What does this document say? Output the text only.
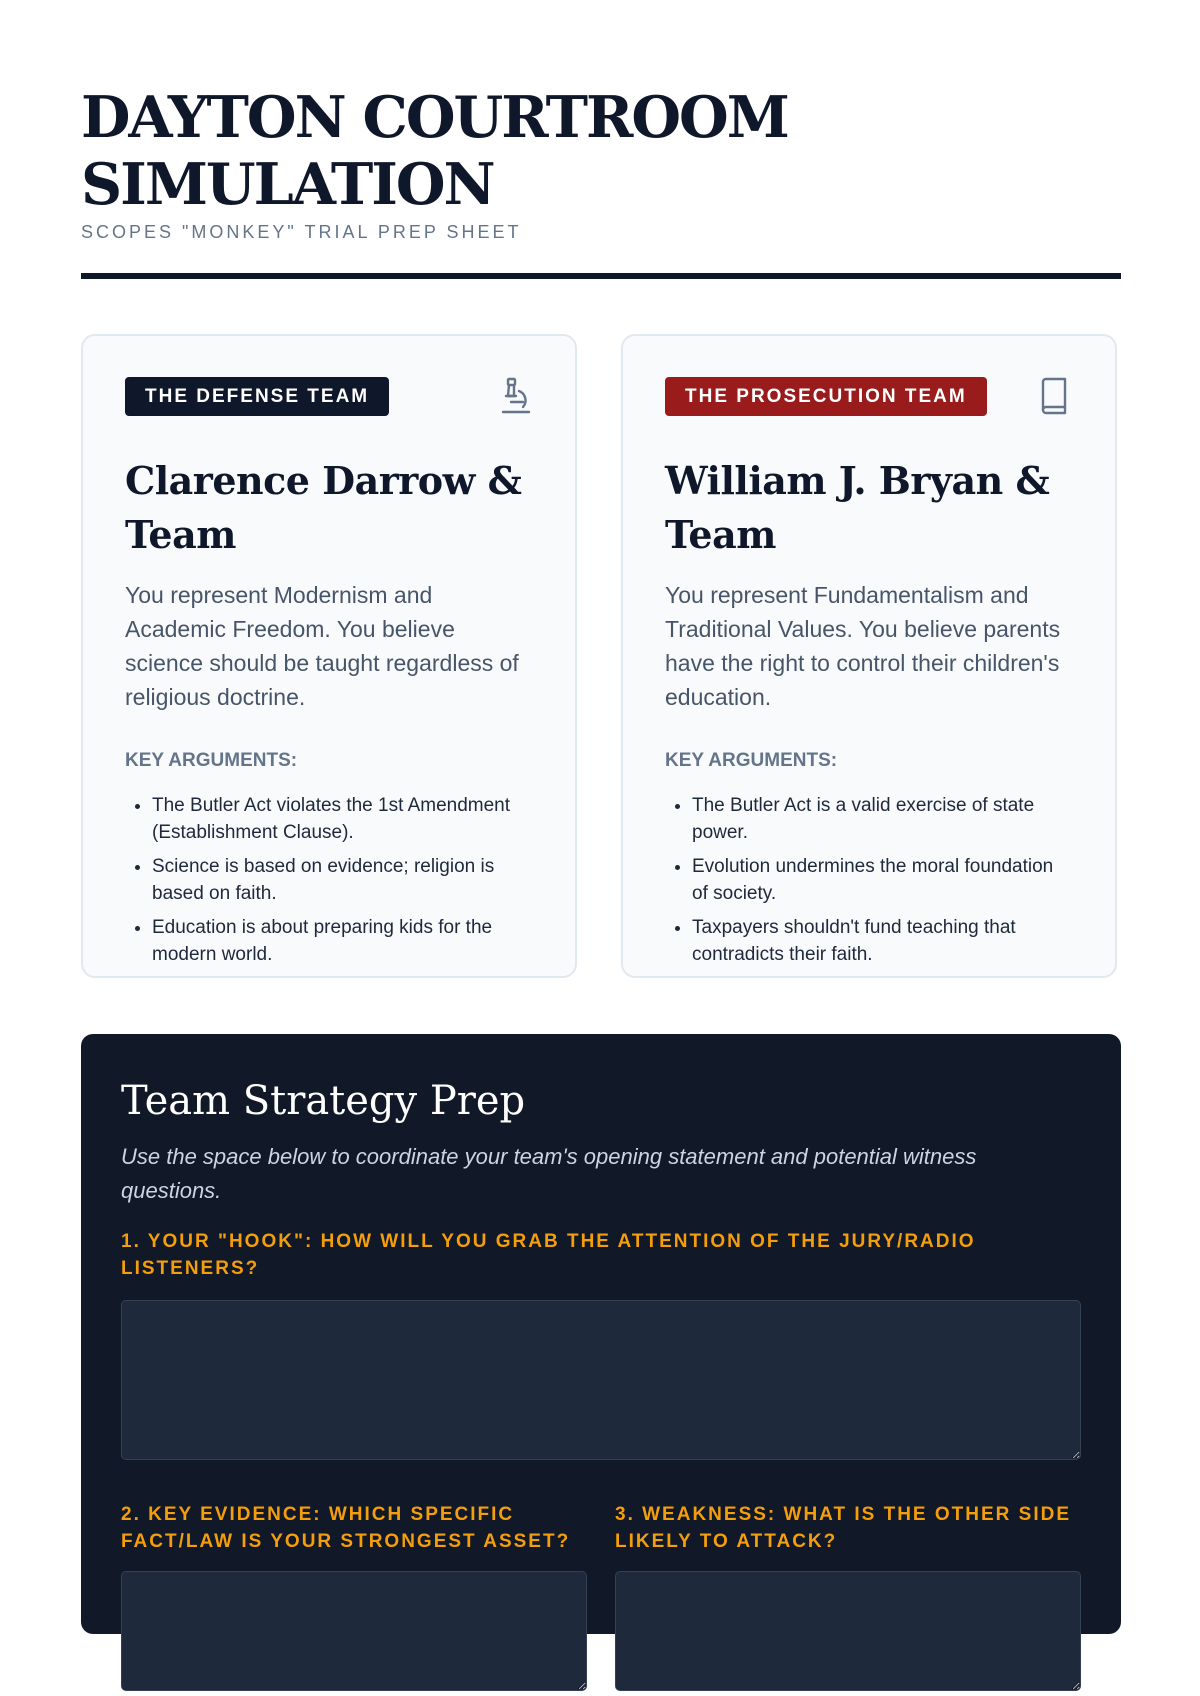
DAYTON COURTROOM SIMULATION
SCOPES "MONKEY" TRIAL PREP SHEET
THE DEFENSE TEAM
Clarence Darrow & Team
You represent Modernism and Academic Freedom. You believe science should be taught regardless of religious doctrine.
KEY ARGUMENTS:
• The Butler Act violates the 1st Amendment (Establishment Clause).
• Science is based on evidence; religion is based on faith.
• Education is about preparing kids for the modern world.
THE PROSECUTION TEAM
William J. Bryan & Team
You represent Fundamentalism and Traditional Values. You believe parents have the right to control their children's education.
KEY ARGUMENTS:
• The Butler Act is a valid exercise of state power.
• Evolution undermines the moral foundation of society.
• Taxpayers shouldn't fund teaching that contradicts their faith.
Team Strategy Prep
Use the space below to coordinate your team's opening statement and potential witness questions.
1. YOUR "HOOK": HOW WILL YOU GRAB THE ATTENTION OF THE JURY/RADIO LISTENERS?
2. KEY EVIDENCE: WHICH SPECIFIC FACT/LAW IS YOUR STRONGEST ASSET?
3. WEAKNESS: WHAT IS THE OTHER SIDE LIKELY TO ATTACK?
